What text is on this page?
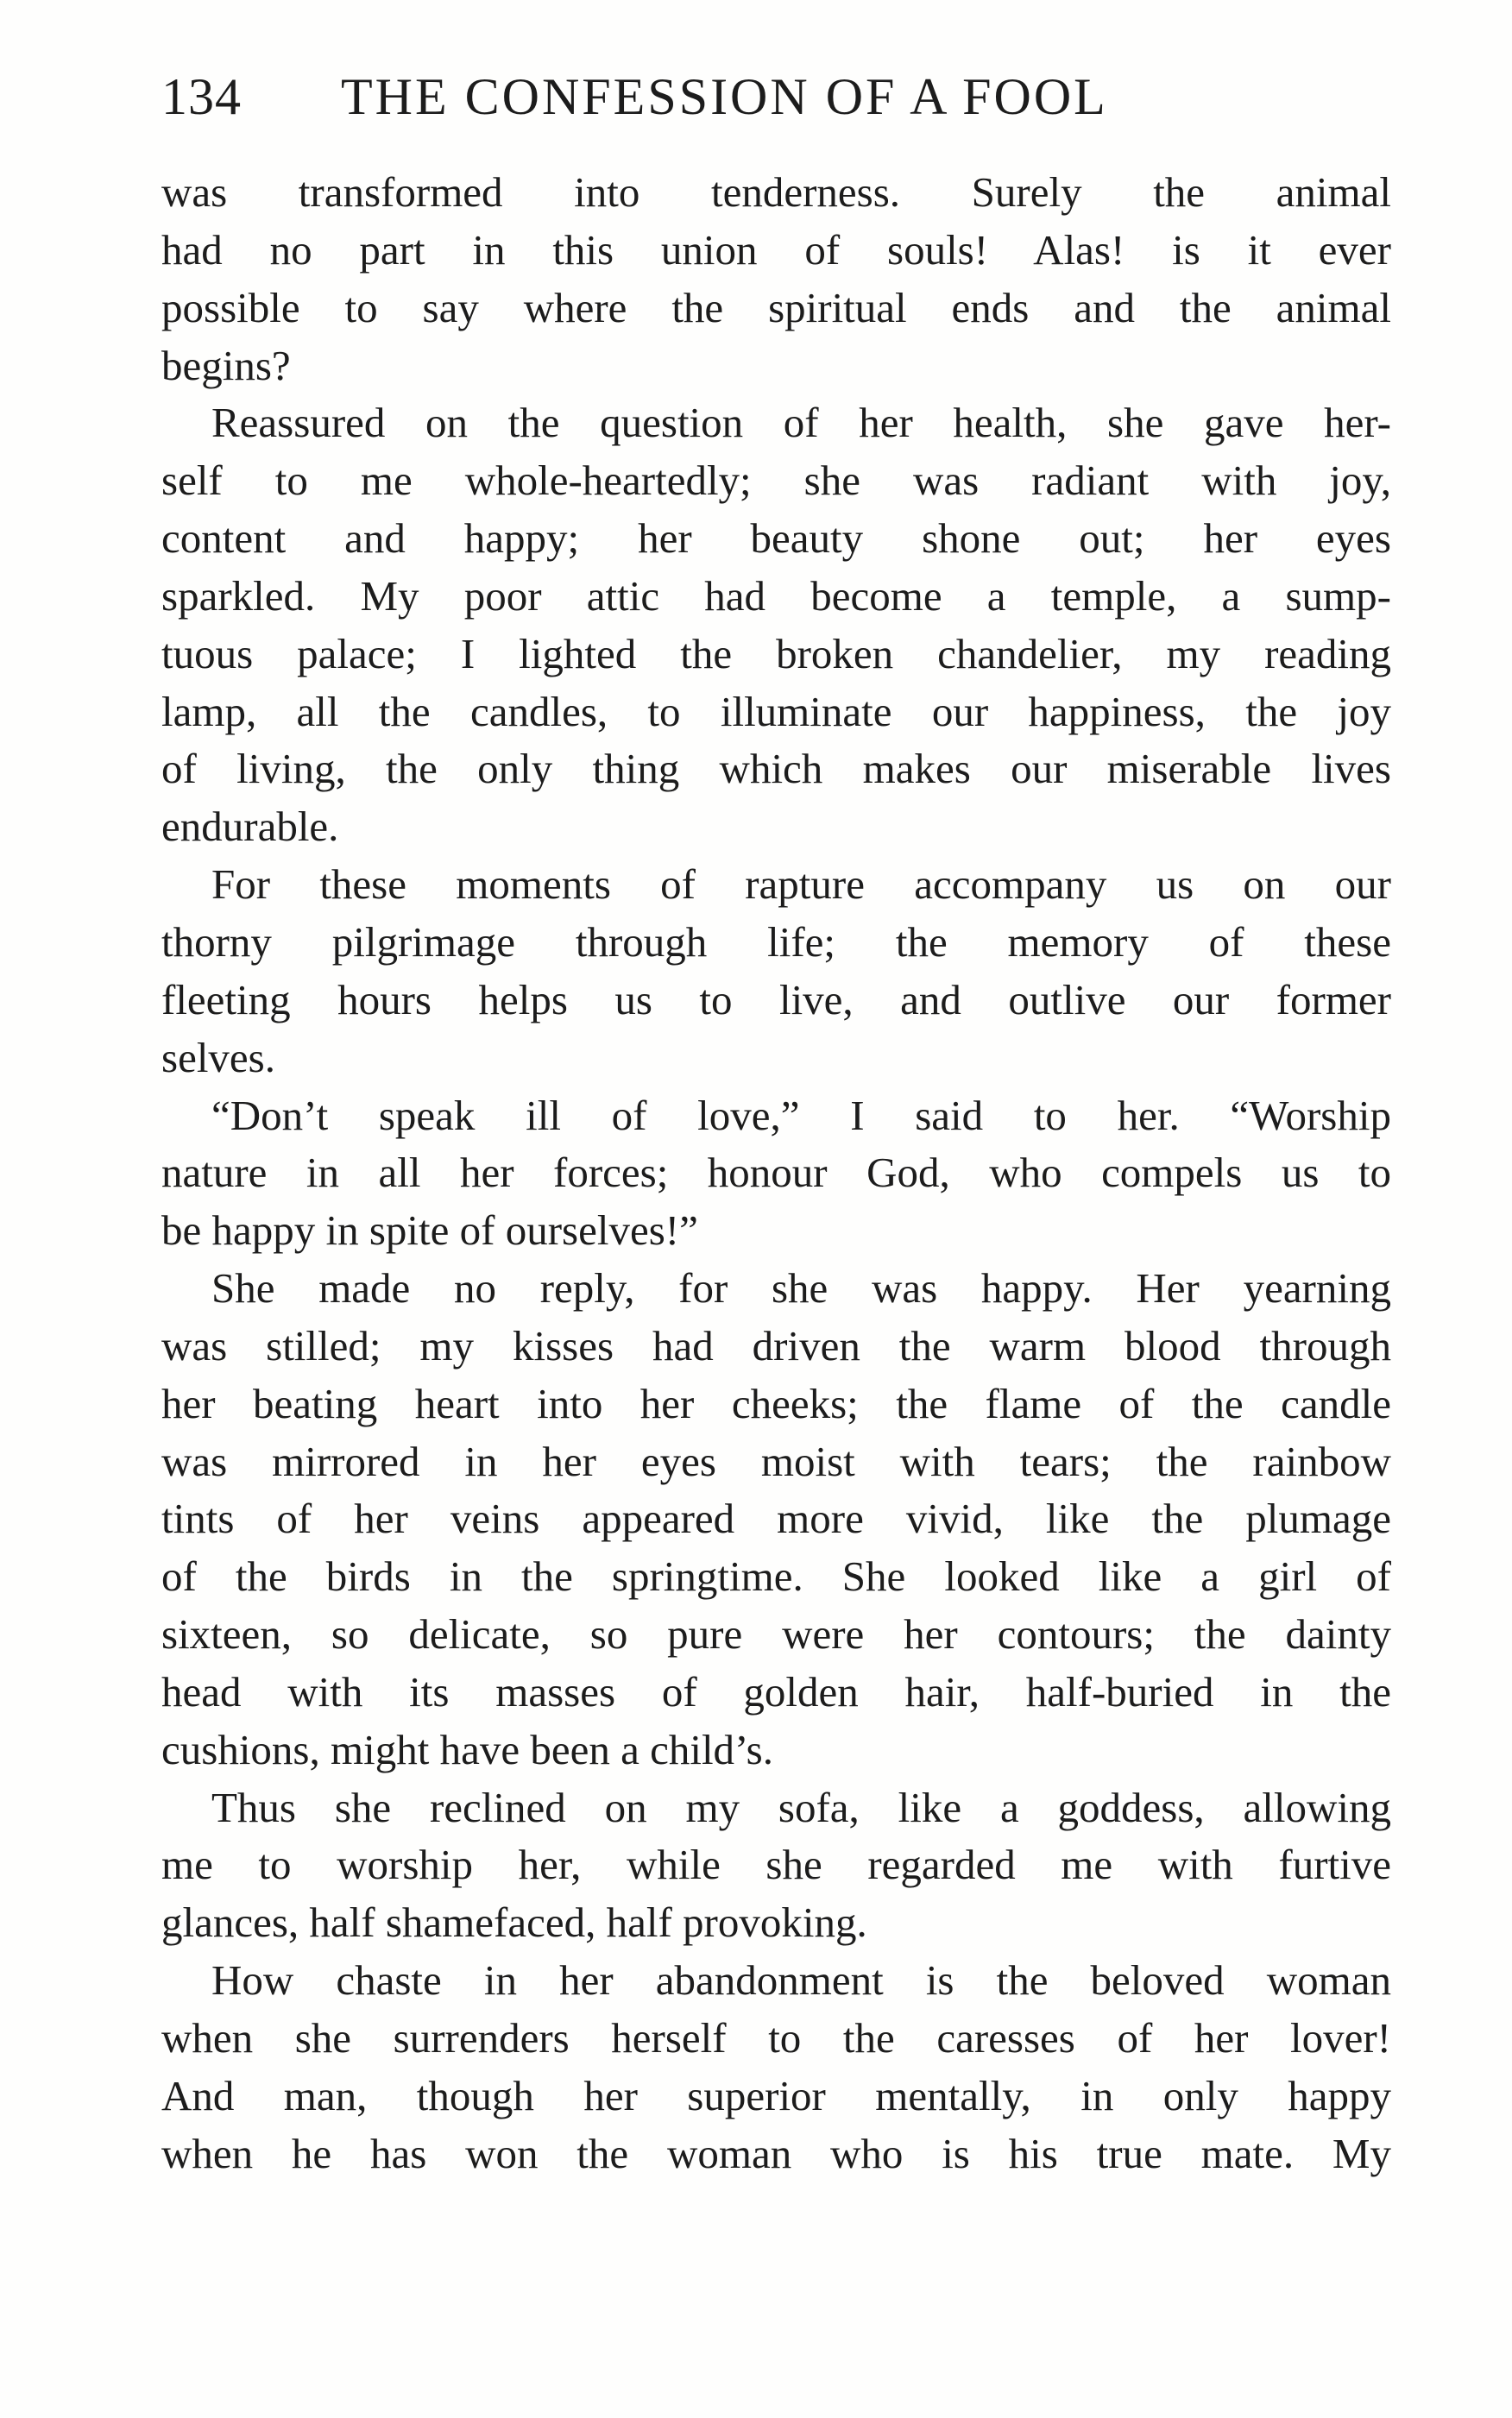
134 THE CONFESSION OF A FOOL
was transformed into tenderness. Surely the animal
had no part in this union of souls! Alas! is it ever
possible to say where the spiritual ends and the animal
begins?
Reassured on the question of her health, she gave her-
self to me whole-heartedly; she was radiant with joy,
content and happy; her beauty shone out; her eyes
sparkled. My poor attic had become a temple, a sump-
tuous palace; I lighted the broken chandelier, my reading
lamp, all the candles, to illuminate our happiness, the joy
of living, the only thing which makes our miserable lives
endurable.
For these moments of rapture accompany us on our
thorny pilgrimage through life; the memory of these
fleeting hours helps us to live, and outlive our former
selves.
“Don’t speak ill of love,” I said to her. “Worship
nature in all her forces; honour God, who compels us to
be happy in spite of ourselves!”
She made no reply, for she was happy. Her yearning
was stilled; my kisses had driven the warm blood through
her beating heart into her cheeks; the flame of the candle
was mirrored in her eyes moist with tears; the rainbow
tints of her veins appeared more vivid, like the plumage
of the birds in the springtime. She looked like a girl of
sixteen, so delicate, so pure were her contours; the dainty
head with its masses of golden hair, half-buried in the
cushions, might have been a child’s.
Thus she reclined on my sofa, like a goddess, allowing
me to worship her, while she regarded me with furtive
glances, half shamefaced, half provoking.
How chaste in her abandonment is the beloved woman
when she surrenders herself to the caresses of her lover!
And man, though her superior mentally, in only happy
when he has won the woman who is his true mate. My
